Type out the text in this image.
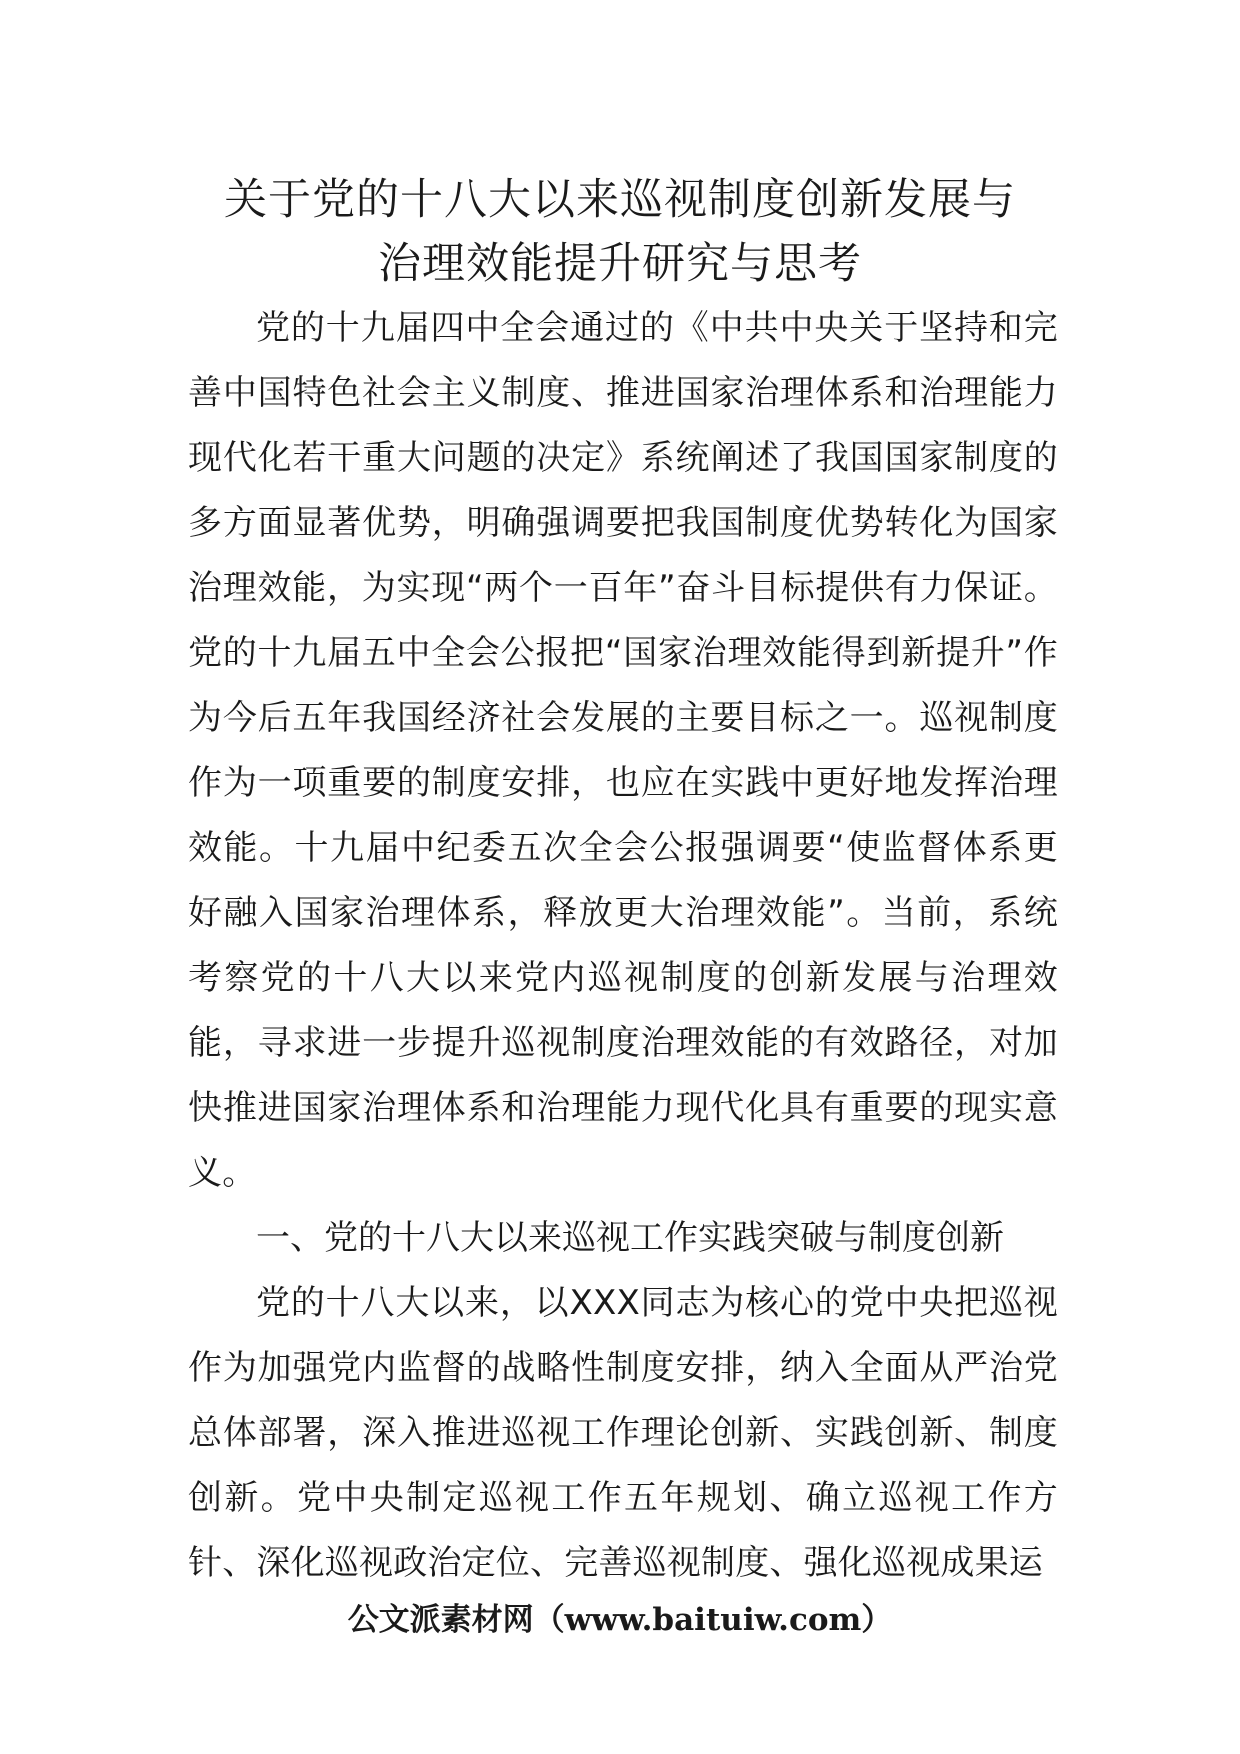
关于党的十八大以来巡视制度创新发展与
治理效能提升研究与思考

党的十九届四中全会通过的《中共中央关于坚持和完善中国特色社会主义制度、推进国家治理体系和治理能力现代化若干重大问题的决定》系统阐述了我国国家制度的多方面显著优势，明确强调要把我国制度优势转化为国家治理效能，为实现“两个一百年”奋斗目标提供有力保证。党的十九届五中全会公报把“国家治理效能得到新提升”作为今后五年我国经济社会发展的主要目标之一。巡视制度作为一项重要的制度安排，也应在实践中更好地发挥治理效能。十九届中纪委五次全会公报强调要“使监督体系更好融入国家治理体系，释放更大治理效能”。当前，系统考察党的十八大以来党内巡视制度的创新发展与治理效能，寻求进一步提升巡视制度治理效能的有效路径，对加快推进国家治理体系和治理能力现代化具有重要的现实意义。

一、党的十八大以来巡视工作实践突破与制度创新

党的十八大以来，以XXX同志为核心的党中央把巡视作为加强党内监督的战略性制度安排，纳入全面从严治党总体部署，深入推进巡视工作理论创新、实践创新、制度创新。党中央制定巡视工作五年规划、确立巡视工作方针、深化巡视政治定位、完善巡视制度、强化巡视成果运

公文派素材网（www.baituiw.com）
